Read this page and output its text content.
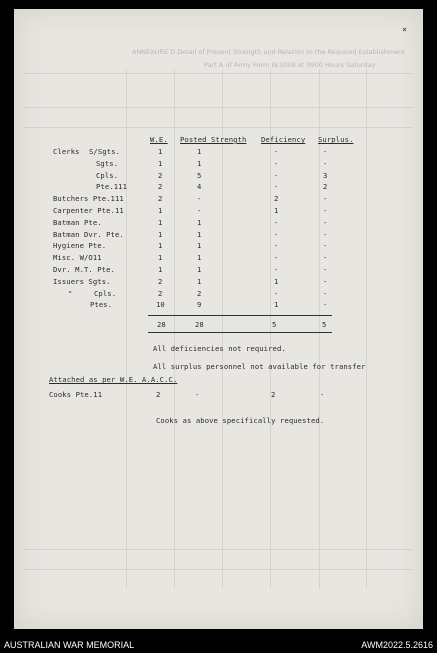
ANNEXURE D Detail of Present Strength and Relation to the Required Establishment
Part A of Army Form W.3009 at 0900 Hours Saturday
×
W.E. Posted Strength Deficiency Surplus.
Clerks S/Sgts.	1	1	-	-
Sgts.	1	1	-	-
Cpls.	2	5	-	3
Pte.111	2	4	-	2
Butchers Pte.111	2	-	2	-
Carpenter Pte.11	1	-	1	-
Batman Pte.	1	1	-	-
Batman Dvr. Pte.	1	1	-	-
Hygiene Pte.	1	1	-	-
Misc. W/O11	1	1	-	-
Dvr. M.T. Pte.	1	1	-	-
Issuers Sgts.	2	1	1	-
"	Cpls.	2	2	-	-
Ptes.	10	9	1	-
28	28	5	5
All deficiencies not required.
All surplus personnel not available for transfer
Attached as per W.E. A.A.C.C.
Cooks Pte.11	2	-	2	-
Cooks as above specifically requested.
AUSTRALIAN WAR MEMORIAL	AWM2022.5.2616
